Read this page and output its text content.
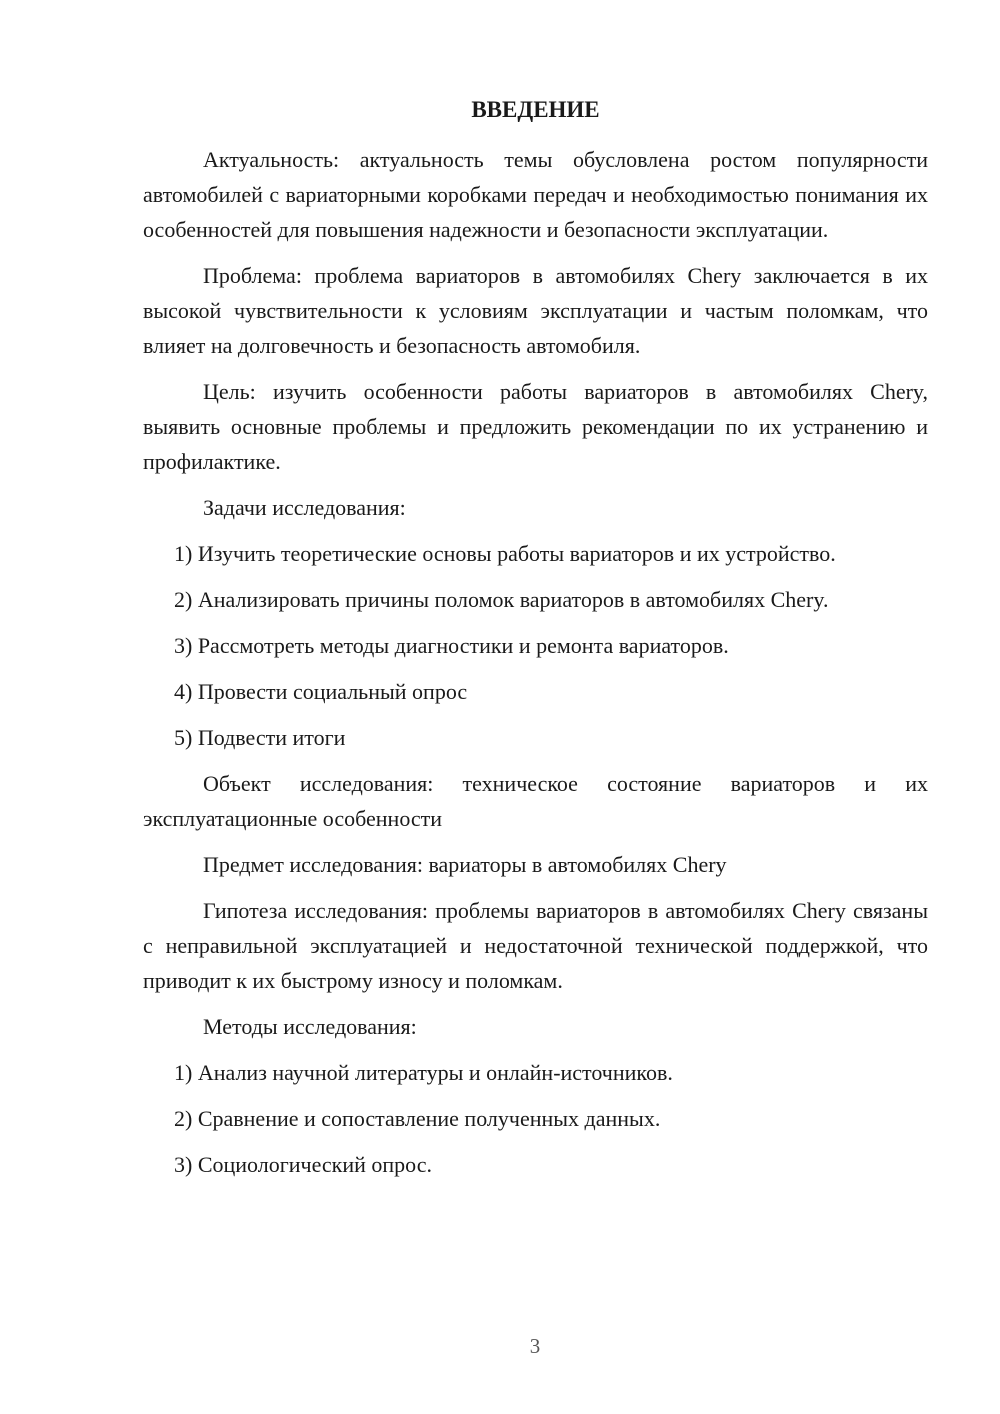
ВВЕДЕНИЕ

Актуальность: актуальность темы обусловлена ростом популярности автомобилей с вариаторными коробками передач и необходимостью понимания их особенностей для повышения надежности и безопасности эксплуатации.

Проблема: проблема вариаторов в автомобилях Chery заключается в их высокой чувствительности к условиям эксплуатации и частым поломкам, что влияет на долговечность и безопасность автомобиля.

Цель: изучить особенности работы вариаторов в автомобилях Chery, выявить основные проблемы и предложить рекомендации по их устранению и профилактике.

Задачи исследования:

1) Изучить теоретические основы работы вариаторов и их устройство.

2) Анализировать причины поломок вариаторов в автомобилях Chery.

3) Рассмотреть методы диагностики и ремонта вариаторов.

4) Провести социальный опрос

5) Подвести итоги

Объект исследования: техническое состояние вариаторов и их эксплуатационные особенности

Предмет исследования: вариаторы в автомобилях Chery

Гипотеза исследования: проблемы вариаторов в автомобилях Chery связаны с неправильной эксплуатацией и недостаточной технической поддержкой, что приводит к их быстрому износу и поломкам.

Методы исследования:

1) Анализ научной литературы и онлайн-источников.

2) Сравнение и сопоставление полученных данных.

3) Социологический опрос.

3
